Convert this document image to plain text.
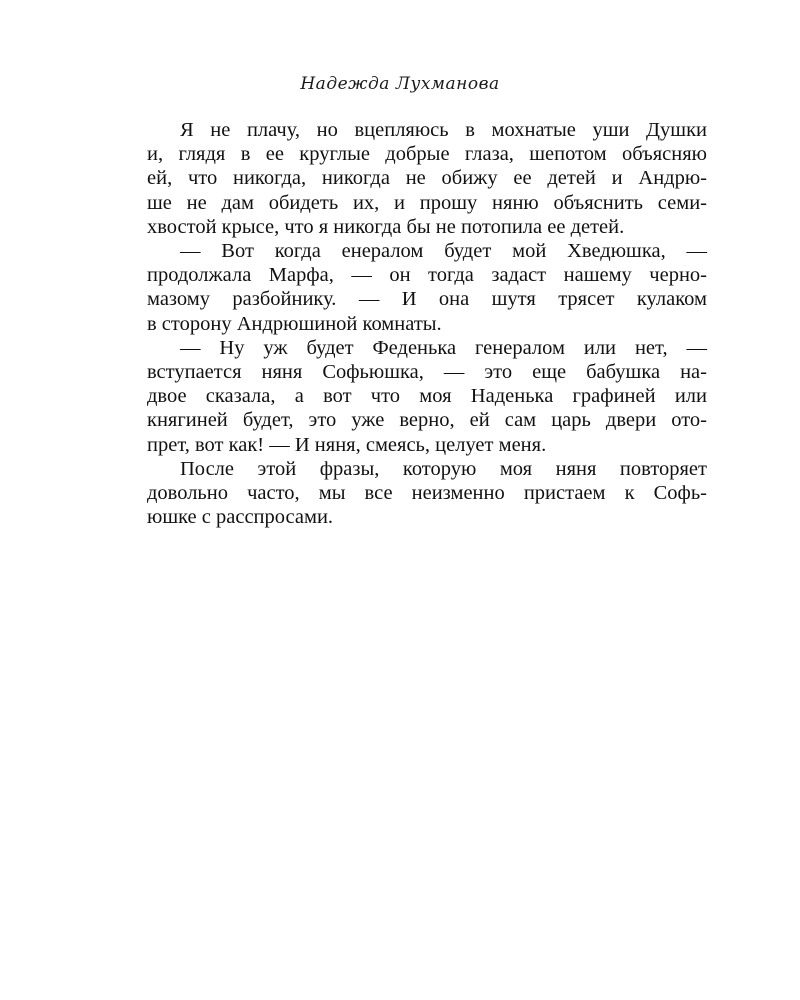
Надежда Лухманова
Я не плачу, но вцепляюсь в мохнатые уши Душки
и, глядя в ее круглые добрые глаза, шепотом объясняю
ей, что никогда, никогда не обижу ее детей и Андрю-
ше не дам обидеть их, и прошу няню объяснить семи-
хвостой крысе, что я никогда бы не потопила ее детей.
— Вот когда енералом будет мой Хведюшка, —
продолжала Марфа, — он тогда задаст нашему черно-
мазому разбойнику. — И она шутя трясет кулаком
в сторону Андрюшиной комнаты.
— Ну уж будет Феденька генералом или нет, —
вступается няня Софьюшка, — это еще бабушка на-
двое сказала, а вот что моя Наденька графиней или
княгиней будет, это уже верно, ей сам царь двери ото-
прет, вот как! — И няня, смеясь, целует меня.
После этой фразы, которую моя няня повторяет
довольно часто, мы все неизменно пристаем к Софь-
юшке с расспросами.
